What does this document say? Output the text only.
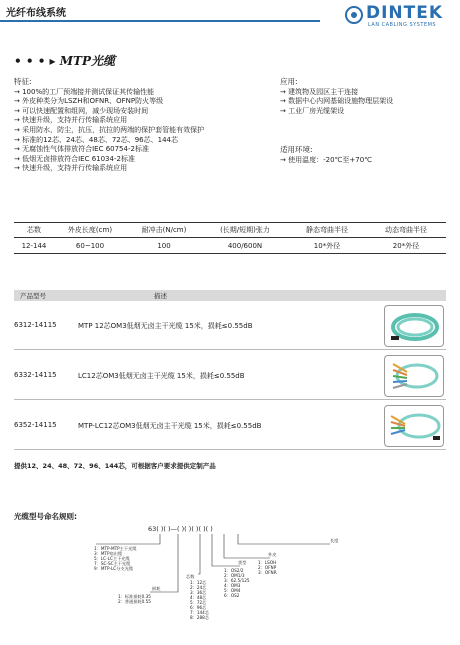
光纤布线系统	DINTEK
LAN CABLING SYSTEMS
• • • ▸ MTP光缆
特征:
→ 100%的工厂预端接并测试保证其传输性能
→ 外皮种类分为LSZH和OFNR、OFNP防火等级
→ 可以快速配置和组网，减少现场安装时间
→ 快速升级，支持并行传输系统应用
→ 采用防水，防尘，抗压，抗拉的两端的保护套管能有效保护
→ 标准的12芯、24芯、48芯、72芯、96芯、144芯
→ 无腐蚀性气体排放符合IEC 60754-2标准
→ 低烟无卤排放符合IEC 61034-2标准
→ 快速升级，支持并行传输系统应用
应用:
→ 建筑物及园区主干连接
→ 数据中心内网基础设施物理层架设
→ 工业厂房光缆架设
适用环境:
→ 使用温度：-20℃至+70℃
芯数	外皮长度(cm)	耐冲击(N/cm)	(长期/短期)张力	静态弯曲半径	动态弯曲半径
12-144	60~100	100	400/600N	10*外径	20*外径
产品型号	描述
6312-14115	MTP 12芯OM3低烟无卤主干光缆 15米，损耗≤0.55dB
6332-14115	LC12芯OM3低烟无卤主干光缆 15米，损耗≤0.55dB
6352-14115	MTP-LC12芯OM3低烟无卤主干光缆 15米，损耗≤0.55dB
提供12、24、48、72、96、144芯，可根据客户要求提供定制产品
光缆型号命名规则:
63( )( )—( )( )( )( )( )
1：MTP-MTP主干光缆
3：MTP扇出缆
5：LC-LC主干光缆
7：SC-SC主干光缆
9：MTP-LC分支光缆
损耗
1：标准损耗0.35
2：普通损耗0.55
芯数
1：12芯
2：24芯
3：36芯
4：48芯
5：72芯
6：96芯
7：144芯
8：288芯
类型
1：OS2/2
2：OM1/3
3：62.5/125
4：OM3
5：OM4
6：OS2
外皮
1：LSOH
2：OFNP
3：OFNR
长度
